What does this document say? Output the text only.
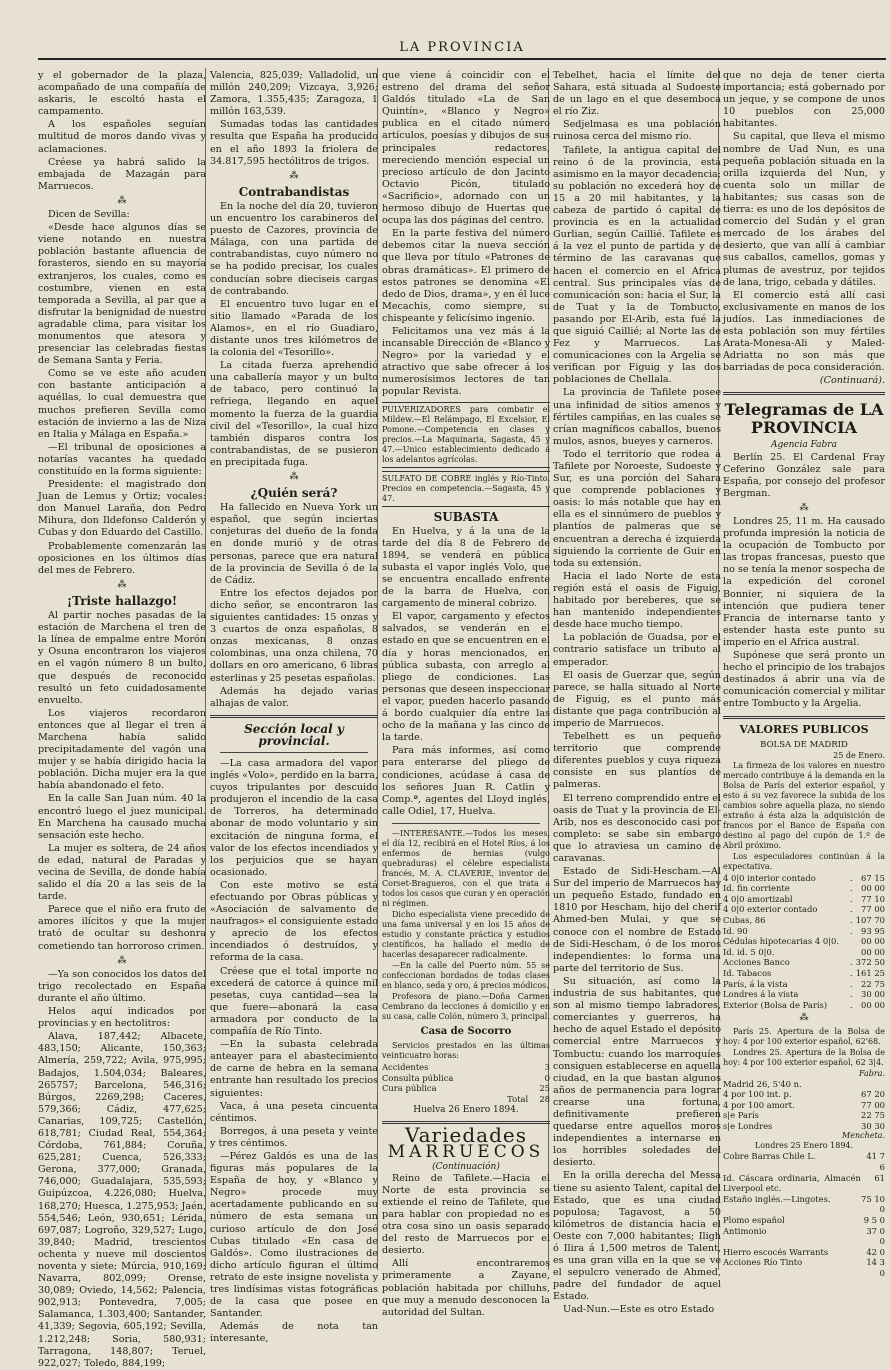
LA PROVINCIA

y el gobernador de la plaza, acompañado de una compañía de askaris, le escoltó hasta el campamento.

A los españoles seguían multitud de moros dando vivas y aclamaciones.

Créese ya habrá salido la embajada de Mazagán para Marruecos.

⁂

Dicen de Sevilla:

«Desde hace algunos días se viene notando en nuestra población bastante afluencia de forasteros, siendo en su mayoría extranjeros, los cuales, como es costumbre, vienen en esta temporada a Sevilla, al par que a disfrutar la benignidad de nuestro agradable clima, para visitar los monumentos que atesora y presenciar las celebradas fiestas de Semana Santa y Feria.

Como se ve este año acuden con bastante anticipación a aquéllas, lo cual demuestra que muchos prefieren Sevilla como estación de invierno a las de Niza en Italia y Málaga en España.»

—El tribunal de oposiciones a notarías vacantes ha quedado constituído en la forma siguiente:

Presidente: el magistrado don Juan de Lemus y Ortiz; vocales: don Manuel Laraña, don Pedro Mihura, don Ildefonso Calderón y Cubas y don Eduardo del Castillo.

Probablemente comenzarán las oposiciones en los últimos días del mes de Febrero.

⁂
¡Triste hallazgo!

Al partir noches pasadas de la estación de Marchena el tren de la línea de empalme entre Morón y Osuna encontraron los viajeros en el vagón número 8 un bulto, que después de reconocido resultó un feto cuidadosamente envuelto.

Los viajeros recordaron entonces que al llegar el tren á Marchena había salido precipitadamente del vagón una mujer y se había dirigido hacia la población. Dicha mujer era la que había abandonado el feto.

En la calle San Juan núm. 40 la encontró luego el juez municipal. En Marchena ha causado mucha sensación este hecho.

La mujer es soltera, de 24 años de edad, natural de Paradas y vecina de Sevilla, de donde había salido el día 20 a las seis de la tarde.

Parece que el niño era fruto de amores ilícitos y que la mujer trató de ocultar su deshonra cometiendo tan horroroso crimen.

⁂

—Ya son conocidos los datos del trigo recolectado en España durante el año último.

Helos aquí indicados por provincias y en hectolitros:

Alava, 187,442; Albacete, 483,150; Alicante, 150,363; Almería, 259,722; Avila, 975,995; Badajos, 1.504,034; Baleares, 265757; Barcelona, 546,316; Búrgos, 2269,298; Caceres, 579,366; Cádiz, 477,625; Canarias, 109,725; Castellón, 618,781; Ciudad Real, 554,364; Córdoba, 761,884; Coruña, 625,281; Cuenca, 526,333; Gerona, 377,000; Granada, 746,000; Guadalajara, 535,593; Guipúzcoa, 4.226,080; Huelva, 168,270; Huesca, 1.275,953; Jaén, 554,546; León, 930,651; Lérida, 697,087; Logroño, 329,527; Lugo, 39,840; Madrid, trescientos ochenta y nueve mil doscientos noventa y siete; Múrcia, 910,169; Navarra, 802,099; Orense, 30,089; Oviedo, 14,562; Palencia, 902,913; Pontevedra, 7,005; Salamanca, 1.303,400; Santander, 41,339; Segovia, 605,192; Sevilla, 1.212,248; Soria, 580,931; Tarragona, 148,807; Teruel, 922,027; Toledo, 884,199;

Valencia, 825,039; Valladolid, un millón 240,209; Vizcaya, 3,926; Zamora, 1.355,435; Zaragoza, 1 millón 163,539.

Sumadas todas las cantidades resulta que España ha producido en el año 1893 la friolera de 34.817,595 hectólitros de trigos.

⁂
Contrabandistas

En la noche del día 20, tuvieron un encuentro los carabineros del puesto de Cazores, provincia de Málaga, con una partida de contrabandistas, cuyo número no se ha podido precisar, los cuales conducían sobre dieciseis cargas de contrabando.

El encuentro tuvo lugar en el sitio llamado «Parada de los Alamos», en el río Guadiaro, distante unos tres kilómetros de la colonia del «Tesorillo».

La citada fuerza aprehendió una caballería mayor y un bulto de tabaco, pero continuó la refriega, llegando en aquel momento la fuerza de la guardia civil del «Tesorillo», la cual hizo también disparos contra los contrabandistas, de se pusieron en precipitada fuga.

⁂
¿Quién será?

Ha fallecido en Nueva York un español, que según inciertas conjeturas del dueño de la fonda en donde murió y de otras personas, parece que era natural de la provincia de Sevilla ó de la de Cádiz.

Entre los efectos dejados por dicho señor, se encontraron las siguientes cantidades: 15 onzas y 3 cuartos de onza españolas, 8 onzas mexicanas, 8 onzas colombinas, una onza chilena, 70 dollars en oro americano, 6 libras esterlinas y 25 pesetas españolas.

Además ha dejado varias alhajas de valor.

Sección local y provincial.

—La casa armadora del vapor inglés «Volo», perdido en la barra, cuyos tripulantes por descuido produjeron el incendio de la casa de Torreros, ha determinado abonar de modo voluntario y sin excitación de ninguna forma, el valor de los efectos incendiados y los perjuicios que se hayan ocasionado.

Con este motivo se está efectuando por Obras públicas y «Asociación de salvamento de naufragos» el consiguiente estado y aprecio de los efectos incendiados ó destruídos, y reforma de la casa.

Créese que el total importe no excederá de catorce á quince mil pesetas, cuya cantidad—sea la que fuere—abonará la casa armadora por conducto de la compañía de Río Tinto.

—En la subasta celebrada anteayer para el abastecimiento de carne de hebra en la semana entrante han resultado los precios siguientes:

Vaca, á una peseta cincuenta céntimos.

Borregos, á una peseta y veinte y tres céntimos.

—Pérez Galdós es una de las figuras más populares de la España de hoy, y «Blanco y Negro» procede muy acertadamente publicando en su número de esta semana un curioso artículo de don José Cubas titulado «En casa de Galdós». Como ilustraciones de dicho artículo figuran el último retrato de este insigne novelista y tres lindísimas vistas fotográficas de la casa que posee en Santander.

Además de nota tan interesante,

que viene á coincidir con el estreno del drama del señor Galdós titulado «La de San Quintín», «Blanco y Negro» publica en el citado número artículos, poesías y dibujos de sus principales redactores, mereciendo mención especial un precioso artículo de don Jacinto Octavio Picón, titulado «Sacrificio», adornado con un hermoso dibujo de Huertas que ocupa las dos páginas del centro.

En la parte festiva del número debemos citar la nueva sección que lleva por título «Patrones de obras dramáticas». El primero de estos patrones se denomina «El dedo de Dios, drama», y en él luce Mecachis, como siempre, su chispeante y felicísimo ingenio.

Felicitamos una vez más á la incansable Dirección de «Blanco y Negro» por la variedad y el atractivo que sabe ofrecer á los numerosísimos lectores de tan popular Revista.

PULVERIZADORES para combatir el Mildew.—El Relámpago, El Excelsior, El Pomone.—Competencia en clases y precios.—La Maquinaria, Sagasta, 45 y 47.—Unico establecimiento dedicado á los adelantos agrícolas.
SULFATO DE COBRE inglés y Río-Tinto. Precios en competencia.—Sagasta, 45 y 47.
SUBASTA

En Huelva, y á la una de la tarde del día 8 de Febrero de 1894, se venderá en pública subasta el vapor inglés Volo, que se encuentra encallado enfrente de la barra de Huelva, con cargamento de mineral cobrizo.

El vapor, cargamento y efectos salvados, se venderán en el estado en que se encuentren en el día y horas mencionados, en pública subasta, con arreglo al pliego de condiciones. Las personas que deseen inspeccionar el vapor, pueden hacerlo pasando á bordo cualquier día entre las ocho de la mañana y las cinco de la tarde.

Para más informes, así como para enterarse del pliego de condiciones, acúdase á casa de los señores Juan R. Catlin y Comp.ª, agentes del Lloyd inglés, calle Odiel, 17, Huelva.

—INTERESANTE.—Todos los meses, el día 12, recibirá en el Hotel Ríos, á los enfermos de hernias (vulgo quebraduras) el célebre especialista francés, M. A. CLAVERIE, inventor del Corset-Bragueros, con el que trata a todos los casos que curan y en operación ni régimen.

Dicho especialista viene precedido de una fama universal y en los 15 años de estudio y constante práctica y estudios científicos, ha hallado el medio de hacerlas desaparecer radicalmente.

—En la calle del Puerto núm. 55 se confeccionan bordados de todas clases en blanco, seda y oro, á precios módicos.

Profesora de piano.—Doña Carmen Cembrano da lecciones á domicilio y en su casa, calle Colón, número 3, principal.

Casa de Socorro

Servicios prestados en las últimas veinticuatro horas:

Accidentes	3
Consulta pública	0
Cura pública	25
Total	28
Huelva 26 Enero 1894.
Variedades
MARRUECOS
(Continuación)

Reino de Tafilete.—Hacia el Norte de esta provincia se extiende el reino de Tafilete, que para hablar con propiedad no es otra cosa sino un oasis separado del resto de Marruecos por el desierto.

Allí encontraremos primeramente a Zayane, población habitada por chilluhs, que muy a menudo desconocen la autoridad del Sultan.

Tebelhet, hacia el límite del Sahara, está situada al Sudoeste de un lago en el que desemboca el río Ziz.

Sedjelmasa es una población ruinosa cerca del mismo río.

Tafilete, la antigua capital del reino ó de la provincia, está asimismo en la mayor decadencia; su población no excederá hoy de 15 a 20 mil habitantes, y la cabeza de partido ó capital de provincia es en la actualidad Gurlian, según Caillié. Tafilete es á la vez el punto de partida y de término de las caravanas que hacen el comercio en el Africa central. Sus principales vías de comunicación son: hacia el Sur, la de Tuat y la de Tombucto, pasando por El-Arib, esta fué la que siguió Caillié; al Norte las de Fez y Marruecos. Las comunicaciones con la Argelia se verifican por Figuig y las dos poblaciones de Chellala.

La provincia de Tafilete posee una infinidad de sitios amenos y fértiles campiñas, en las cuales se crían magníficos caballos, buenos mulos, asnos, bueyes y carneros.

Todo el territorio que rodea á Tafilete por Noroeste, Sudoeste y Sur, es una porción del Sahara que comprende poblaciones y oasis: lo más notable que hay en ella es el sinnúmero de pueblos y plantíos de palmeras que se encuentran a derecha é izquierda siguiendo la corriente de Guir en toda su extensión.

Hacia el lado Norte de esta región está el oasis de Figuig, habitado por bereberes, que se han mantenido independientes desde hace mucho tiempo.

La población de Guadsa, por el contrario satisface un tributo al emperador.

El oasis de Guerzar que, según parece, se halla situado al Norte de Figuig, es el punto más distante que paga contribución al imperio de Marruecos.

Tebelhett es un pequeño territorio que comprende diferentes pueblos y cuya riqueza consiste en sus plantíos de palmeras.

El terreno comprendido entre el oasis de Tuat y la provincia de El-Arib, nos es desconocido casi por completo: se sabe sin embargo que lo atraviesa un camino de caravanas.

Estado de Sidi-Hescham.—Al Sur del imperio de Marruecos hay un pequeño Estado, fundado en 1810 por Hescham, hijo del cherif Ahmed-ben Mulai, y que se conoce con el nombre de Estado de Sidi-Hescham, ó de los moros independientes: lo forma una parte del territorio de Sus.

Su situación, así como la industria de sus habitantes, que son al mismo tiempo labradores, comerciantes y guerreros, ha hecho de aquel Estado el depósito comercial entre Marruecos y Tombuctu: cuando los marroquíes consiguen establecerse en aquella ciudad, en la que bastan algunos años de permanencia para lograr crearse una fortuna, definitivamente prefieren quedarse entre aquellos moros independientes a internarse en los horribles soledades del desierto.

En la orilla derecha del Messa tiene su asiento Talent, capital del Estado, que es una ciudad populosa; Tagavost, a 50 kilómetros de distancia hacia el Oeste con 7,000 habitantes; Iligh ó Ilira á 1,500 metros de Talent, es una gran villa en la que se ve el sepulcro venerado de Ahmed, padre del fundador de aquel Estado.

Uad-Nun.—Este es otro Estado

que no deja de tener cierta importancia; está gobernado por un jeque, y se compone de unos 10 pueblos con 25,000 habitantes.

Su capital, que lleva el mismo nombre de Uad Nun, es una pequeña población situada en la orilla izquierda del Nun, y cuenta solo un millar de habitantes; sus casas son de tierra: es uno de los depósitos de comercio del Sudán y el gran mercado de los árabes del desierto, que van allí á cambiar sus caballos, camellos, gomas y plumas de avestruz, por tejidos de lana, trigo, cebada y dátiles.

El comercio está allí casi exclusivamente en manos de los judíos. Las inmediaciones de esta población son muy fértiles Arata-Monesa-Ali y Maled-Adriatta no son más que barriadas de poca consideración.

(Continuará).
Telegramas de LA PROVINCIA
Agencia Fabra

Berlín 25. El Cardenal Fray Ceferino González sale para España, por consejo del profesor Bergman.

⁂

Londres 25, 11 m. Ha causado profunda impresión la noticia de la ocupación de Tombucto por las tropas francesas, puesto que no se tenía la menor sospecha de la expedición del coronel Bonnier, ni siquiera de la intención que pudiera tener Francia de internarse tanto y estender hasta este punto su imperio en el Africa austral.

Supónese que será pronto un hecho el principio de los trabajos destinados á abrir una vía de comunicación comercial y militar entre Tombucto y la Argelia.

VALORES PUBLICOS
BOLSA DE MADRID
25 de Enero.

La firmeza de los valores en nuestro mercado contribuye á la demanda en la Bolsa de París del exterior español, y esto á su vez favorece la subida de los cambios sobre aquella plaza, no siendo extraño á ésta alza la adquisición de francos por el Banco de España con destino al pago del cupón de 1.º de Abril próximo.

Los especuladores continúan á la expectativa.

4 0|0 interior contado	.	67 15
Id. fin corriente	.	00 00
4 0|0 amortizabl	.	77 10
4 0|0 exterior contado	.	77 00
Cubas, 86	.	107 70
Id. 90	.	93 95
Cédulas hipotecarias 4 0|0.		00 00
Id. id. 5 0|0.		00 00
Acciones Banco	.	372 50
Id. Tabacos	.	161 25
París, á la vista	.	22 75
Londres á la vista	.	30 00
Exterior (Bolsa de París)	.	00 00
⁂

París 25. Apertura de la Bolsa de hoy: 4 por 100 exterior español, 62'68.

Londres 25. Apertura de la Bolsa de hoy: 4 por 100 exterior español, 62 3|4.

Fabra.
Madrid 26, 5'40 n.	
4 por 100 int. p.	67 20
4 por 100 amort.	77 00
s|e París	22 75
s|e Londres	30 30
Mencheta.
Londres 25 Enero 1894.
Cobre Barras Chile L.	41 7 6
Id. Cáscara ordinaria, Almacén Liverpool etc.	61
Estaño inglés.—Lingotes.	75 10 0
Plomo español	9 5 0
Antimonio	37 0 0
Hierro escocés Warrants	42 0
Acciones Río Tinto	14 3 0
